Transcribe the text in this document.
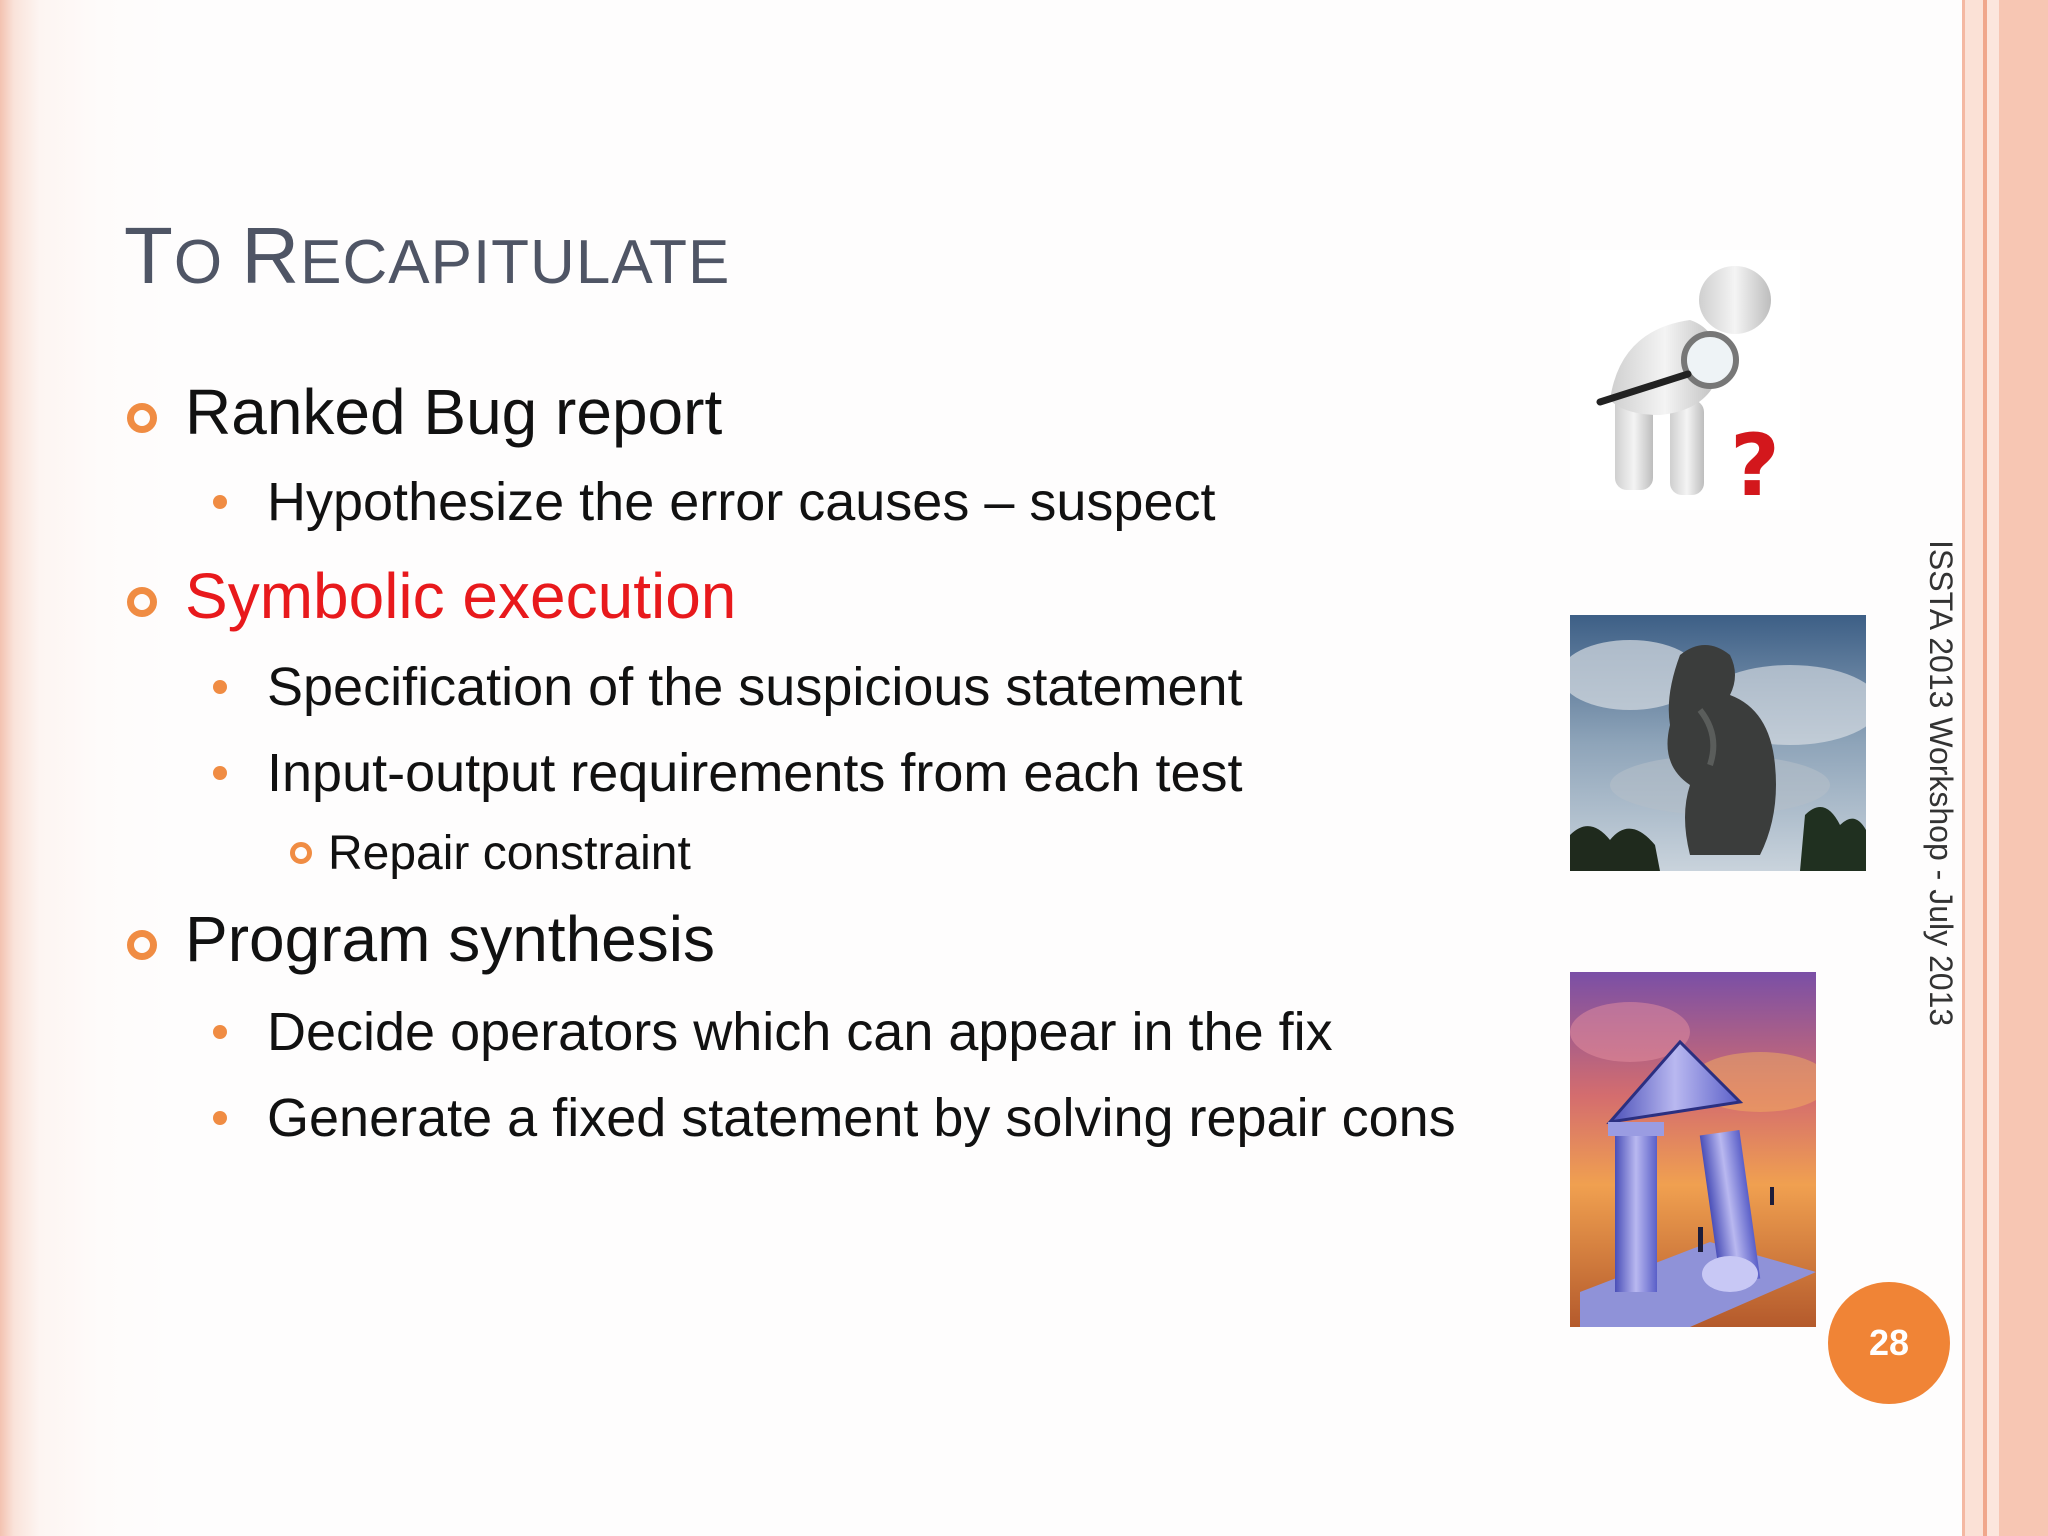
TO RECAPITULATE
Ranked Bug report
Hypothesize the error causes – suspect
Symbolic execution
Specification of the suspicious statement
Input-output requirements from each test
Repair constraint
Program synthesis
Decide operators which can appear in the fix
Generate a fixed statement by solving repair cons
?
ISSTA 2013 Workshop - July 2013
28
